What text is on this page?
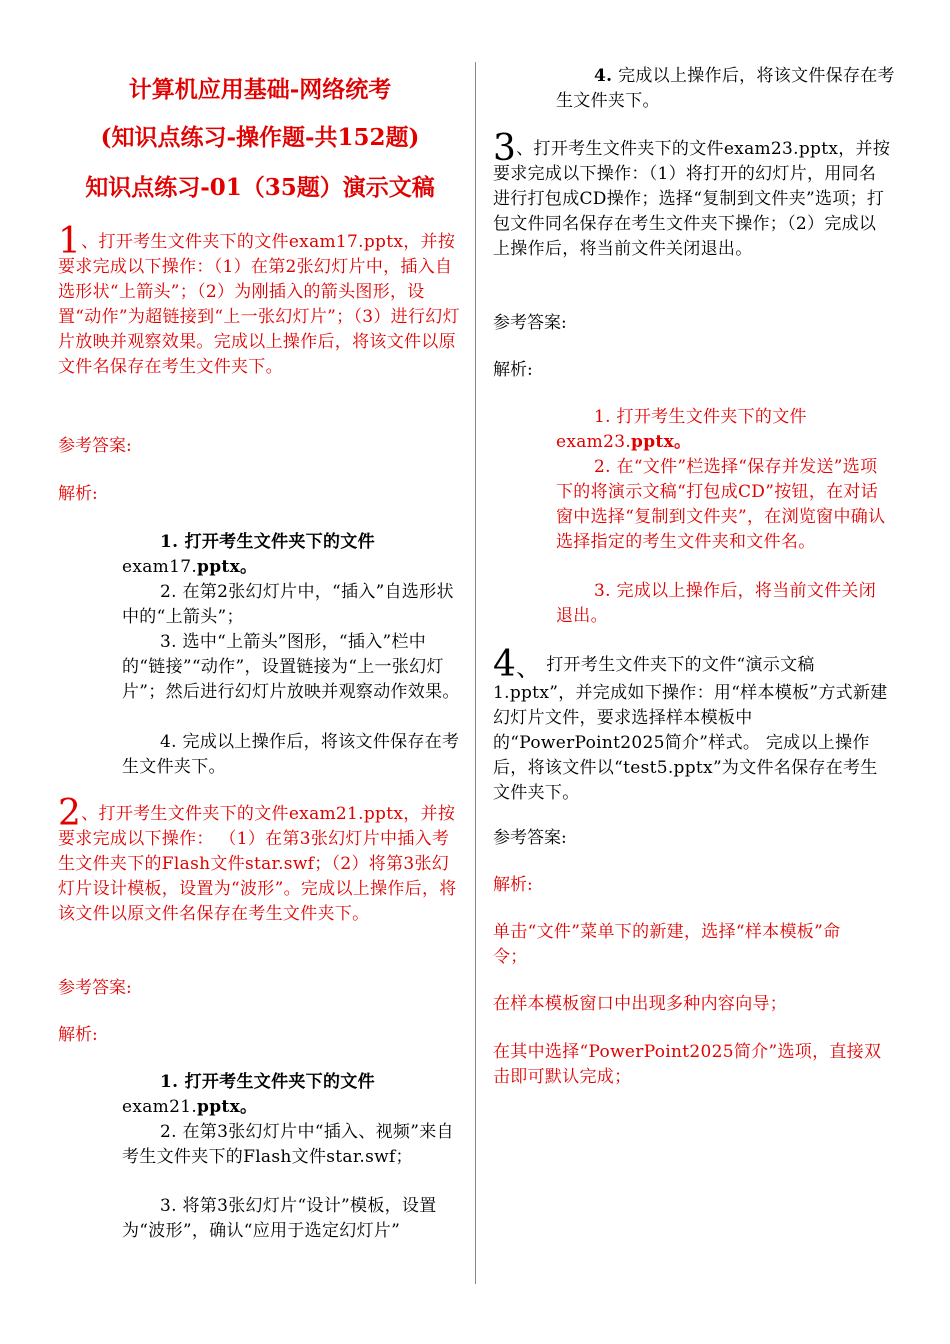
计算机应用基础-网络统考
(知识点练习-操作题-共152题)
知识点练习-01（35题）演示文稿
1、打开考生文件夹下的文件exam17.pptx，并按要求完成以下操作：（1）在第2张幻灯片中，插入自选形状“上箭头”；（2）为刚插入的箭头图形，设置“动作”为超链接到“上一张幻灯片”；（3）进行幻灯片放映并观察效果。完成以上操作后，将该文件以原文件名保存在考生文件夹下。
参考答案:
解析:
1. 打开考生文件夹下的文件exam17.pptx。
2. 在第2张幻灯片中，“插入”自选形状中的“上箭头”；
3. 选中“上箭头”图形，“插入”栏中的“链接”“动作”，设置链接为“上一张幻灯片”；然后进行幻灯片放映并观察动作效果。
4. 完成以上操作后，将该文件保存在考生文件夹下。
2、打开考生文件夹下的文件exam21.pptx，并按要求完成以下操作： （1）在第3张幻灯片中插入考生文件夹下的Flash文件star.swf；（2）将第3张幻灯片设计模板，设置为“波形”。完成以上操作后，将该文件以原文件名保存在考生文件夹下。
参考答案:
解析:
1. 打开考生文件夹下的文件exam21.pptx。
2. 在第3张幻灯片中“插入、视频”来自考生文件夹下的Flash文件star.swf；
3. 将第3张幻灯片“设计”模板，设置为“波形”，确认“应用于选定幻灯片”
4. 完成以上操作后，将该文件保存在考生文件夹下。
3、打开考生文件夹下的文件exam23.pptx，并按要求完成以下操作：（1）将打开的幻灯片，用同名进行打包成CD操作；选择“复制到文件夹”选项；打包文件同名保存在考生文件夹下操作；（2）完成以上操作后，将当前文件关闭退出。
参考答案:
解析:
1. 打开考生文件夹下的文件exam23.pptx。
2. 在“文件”栏选择“保存并发送”选项下的将演示文稿“打包成CD”按钮，在对话窗中选择“复制到文件夹”，在浏览窗中确认选择指定的考生文件夹和文件名。
3. 完成以上操作后，将当前文件关闭退出。
4、 打开考生文件夹下的文件“演示文稿1.pptx”，并完成如下操作：用“样本模板”方式新建幻灯片文件，要求选择样本模板中的“PowerPoint2025简介”样式。 完成以上操作后，将该文件以“test5.pptx”为文件名保存在考生文件夹下。
参考答案:
解析:
单击“文件”菜单下的新建，选择“样本模板”命令；
在样本模板窗口中出现多种内容向导；
在其中选择“PowerPoint2025简介”选项，直接双击即可默认完成；
